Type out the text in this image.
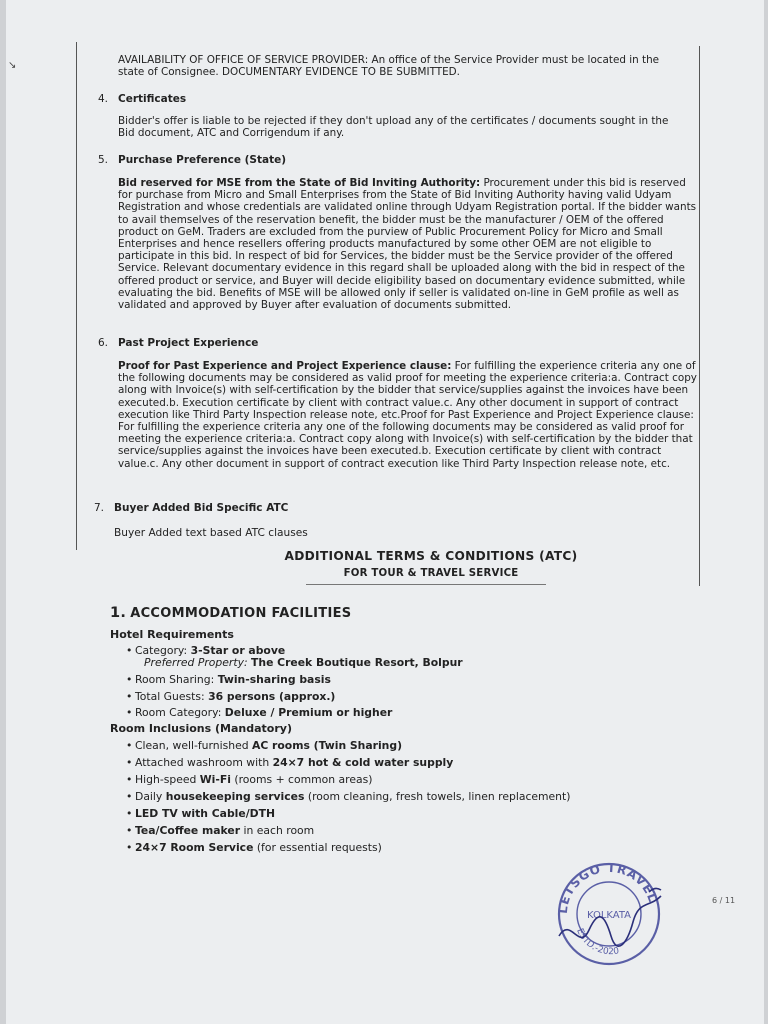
↘	AVAILABILITY OF OFFICE OF SERVICE PROVIDER: An office of the Service Provider must be located in the state of Consignee. DOCUMENTARY EVIDENCE TO BE SUBMITTED.
4. Certificates
Bidder's offer is liable to be rejected if they don't upload any of the certificates / documents sought in the Bid document, ATC and Corrigendum if any.
5. Purchase Preference (State)
Bid reserved for MSE from the State of Bid Inviting Authority: Procurement under this bid is reserved for purchase from Micro and Small Enterprises from the State of Bid Inviting Authority having valid Udyam Registration and whose credentials are validated online through Udyam Registration portal. If the bidder wants to avail themselves of the reservation benefit, the bidder must be the manufacturer / OEM of the offered product on GeM. Traders are excluded from the purview of Public Procurement Policy for Micro and Small Enterprises and hence resellers offering products manufactured by some other OEM are not eligible to participate in this bid. In respect of bid for Services, the bidder must be the Service provider of the offered Service. Relevant documentary evidence in this regard shall be uploaded along with the bid in respect of the offered product or service, and Buyer will decide eligibility based on documentary evidence submitted, while evaluating the bid. Benefits of MSE will be allowed only if seller is validated on-line in GeM profile as well as validated and approved by Buyer after evaluation of documents submitted.
6. Past Project Experience
Proof for Past Experience and Project Experience clause: For fulfilling the experience criteria any one of the following documents may be considered as valid proof for meeting the experience criteria:a. Contract copy along with Invoice(s) with self-certification by the bidder that service/supplies against the invoices have been executed.b. Execution certificate by client with contract value.c. Any other document in support of contract execution like Third Party Inspection release note, etc.Proof for Past Experience and Project Experience clause: For fulfilling the experience criteria any one of the following documents may be considered as valid proof for meeting the experience criteria:a. Contract copy along with Invoice(s) with self-certification by the bidder that service/supplies against the invoices have been executed.b. Execution certificate by client with contract value.c. Any other document in support of contract execution like Third Party Inspection release note, etc.
7. Buyer Added Bid Specific ATC
Buyer Added text based ATC clauses
ADDITIONAL TERMS & CONDITIONS (ATC)
FOR TOUR & TRAVEL SERVICE
1. ACCOMMODATION FACILITIES
Hotel Requirements
• Category: 3-Star or above
Preferred Property: The Creek Boutique Resort, Bolpur
• Room Sharing: Twin-sharing basis
• Total Guests: 36 persons (approx.)
• Room Category: Deluxe / Premium or higher
Room Inclusions (Mandatory)
• Clean, well-furnished AC rooms (Twin Sharing)
• Attached washroom with 24×7 hot & cold water supply
• High-speed Wi-Fi (rooms + common areas)
• Daily housekeeping services (room cleaning, fresh towels, linen replacement)
• LED TV with Cable/DTH
• Tea/Coffee maker in each room
• 24×7 Room Service (for essential requests)
LETSGO TRAVEL
KOLKATA
ESTD.-2020
6 / 11
